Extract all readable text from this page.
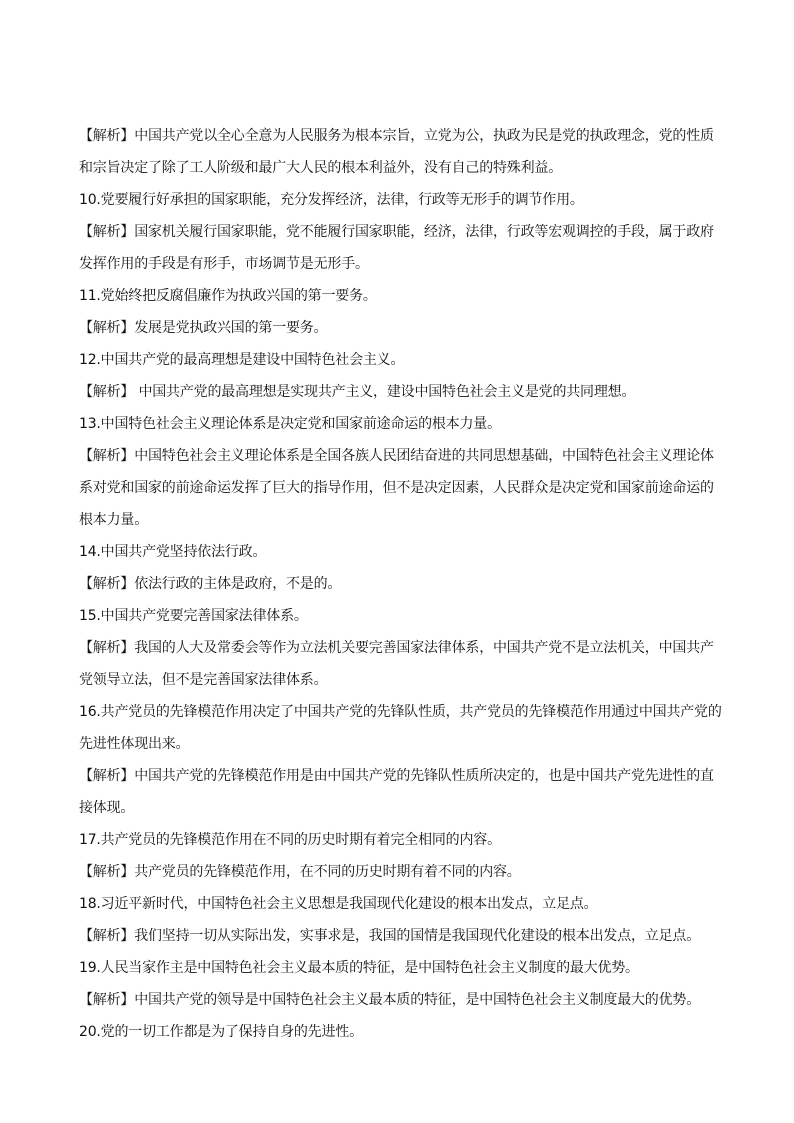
【解析】中国共产党以全心全意为人民服务为根本宗旨，立党为公，执政为民是党的执政理念，党的性质
和宗旨决定了除了工人阶级和最广大人民的根本利益外，没有自己的特殊利益。
10.党要履行好承担的国家职能，充分发挥经济，法律，行政等无形手的调节作用。
【解析】国家机关履行国家职能，党不能履行国家职能，经济，法律，行政等宏观调控的手段，属于政府
发挥作用的手段是有形手，市场调节是无形手。
11.党始终把反腐倡廉作为执政兴国的第一要务。
【解析】发展是党执政兴国的第一要务。
12.中国共产党的最高理想是建设中国特色社会主义。
【解析】 中国共产党的最高理想是实现共产主义，建设中国特色社会主义是党的共同理想。
13.中国特色社会主义理论体系是决定党和国家前途命运的根本力量。
【解析】中国特色社会主义理论体系是全国各族人民团结奋进的共同思想基础，中国特色社会主义理论体
系对党和国家的前途命运发挥了巨大的指导作用，但不是决定因素，人民群众是决定党和国家前途命运的
根本力量。
14.中国共产党坚持依法行政。
【解析】依法行政的主体是政府，不是的。
15.中国共产党要完善国家法律体系。
【解析】我国的人大及常委会等作为立法机关要完善国家法律体系，中国共产党不是立法机关，中国共产
党领导立法，但不是完善国家法律体系。
16.共产党员的先锋模范作用决定了中国共产党的先锋队性质，共产党员的先锋模范作用通过中国共产党的
先进性体现出来。
【解析】中国共产党的先锋模范作用是由中国共产党的先锋队性质所决定的，也是中国共产党先进性的直
接体现。
17.共产党员的先锋模范作用在不同的历史时期有着完全相同的内容。
【解析】共产党员的先锋模范作用，在不同的历史时期有着不同的内容。
18.习近平新时代，中国特色社会主义思想是我国现代化建设的根本出发点，立足点。
【解析】我们坚持一切从实际出发，实事求是，我国的国情是我国现代化建设的根本出发点，立足点。
19.人民当家作主是中国特色社会主义最本质的特征，是中国特色社会主义制度的最大优势。
【解析】中国共产党的领导是中国特色社会主义最本质的特征，是中国特色社会主义制度最大的优势。
20.党的一切工作都是为了保持自身的先进性。
